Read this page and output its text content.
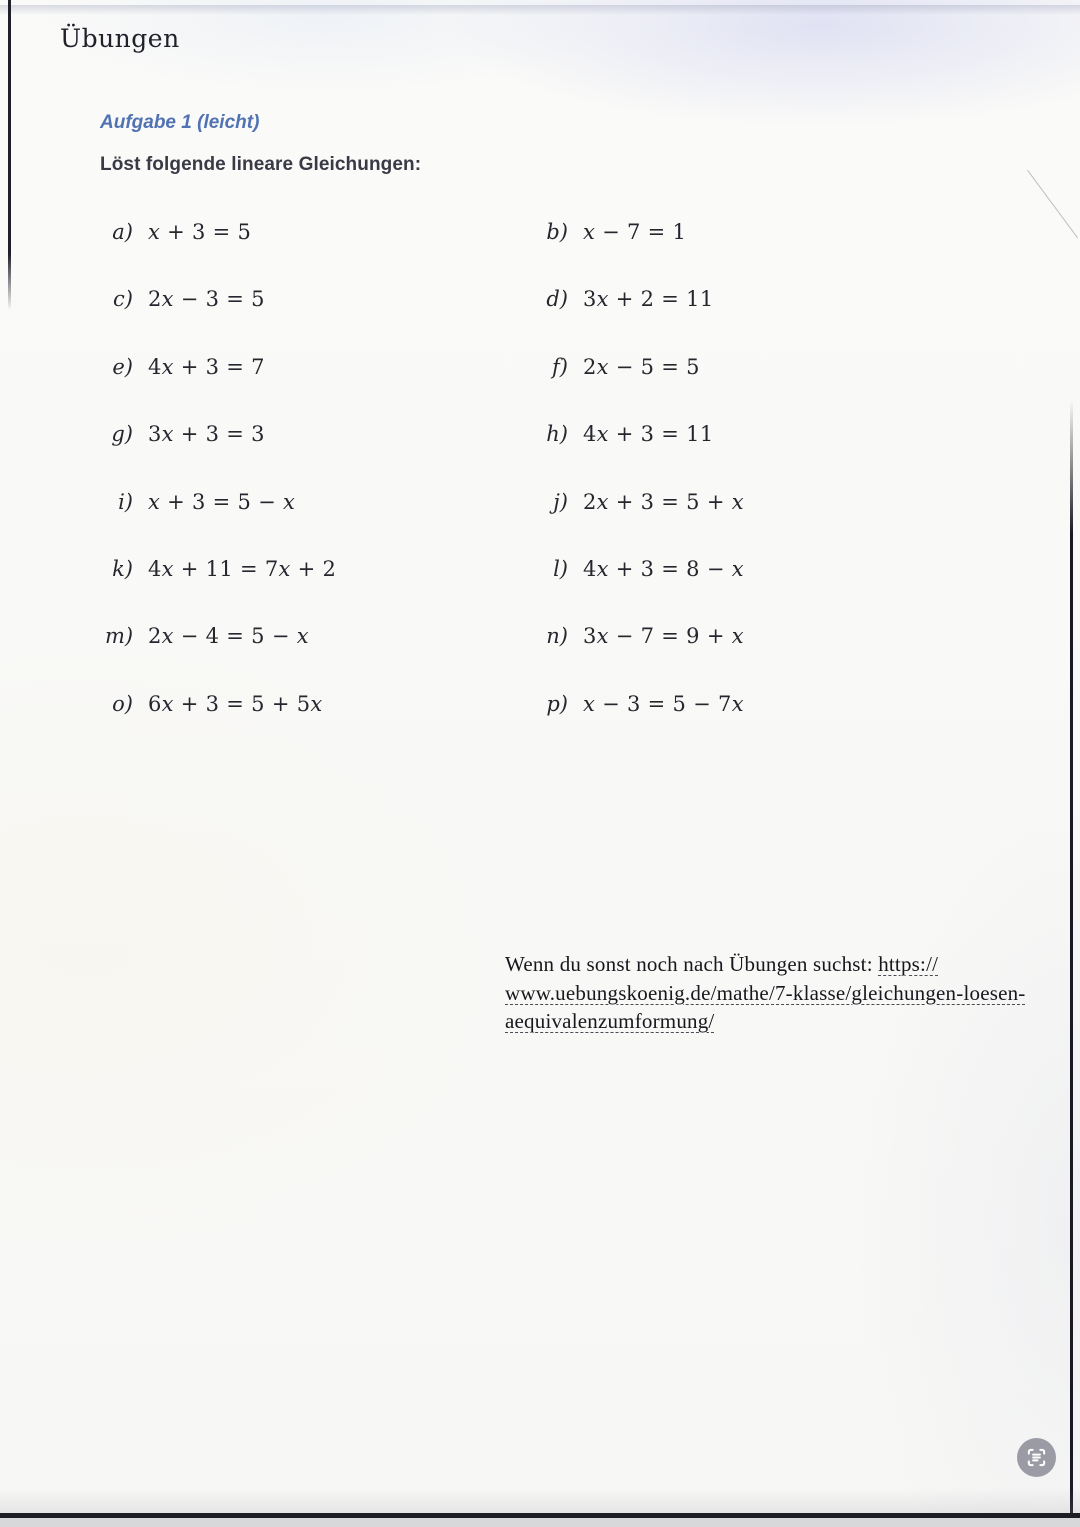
Übungen
Aufgabe 1 (leicht)
Löst folgende lineare Gleichungen:
a) x + 3 = 5	b) x − 7 = 1
c) 2x − 3 = 5	d) 3x + 2 = 11
e) 4x + 3 = 7	f) 2x − 5 = 5
g) 3x + 3 = 3	h) 4x + 3 = 11
i) x + 3 = 5 − x	j) 2x + 3 = 5 + x
k) 4x + 11 = 7x + 2	l) 4x + 3 = 8 − x
m) 2x − 4 = 5 − x	n) 3x − 7 = 9 + x
o) 6x + 3 = 5 + 5x	p) x − 3 = 5 − 7x

Wenn du sonst noch nach Übungen suchst: https://
www.uebungskoenig.de/mathe/7-klasse/gleichungen-loesen-
aequivalenzumformung/
